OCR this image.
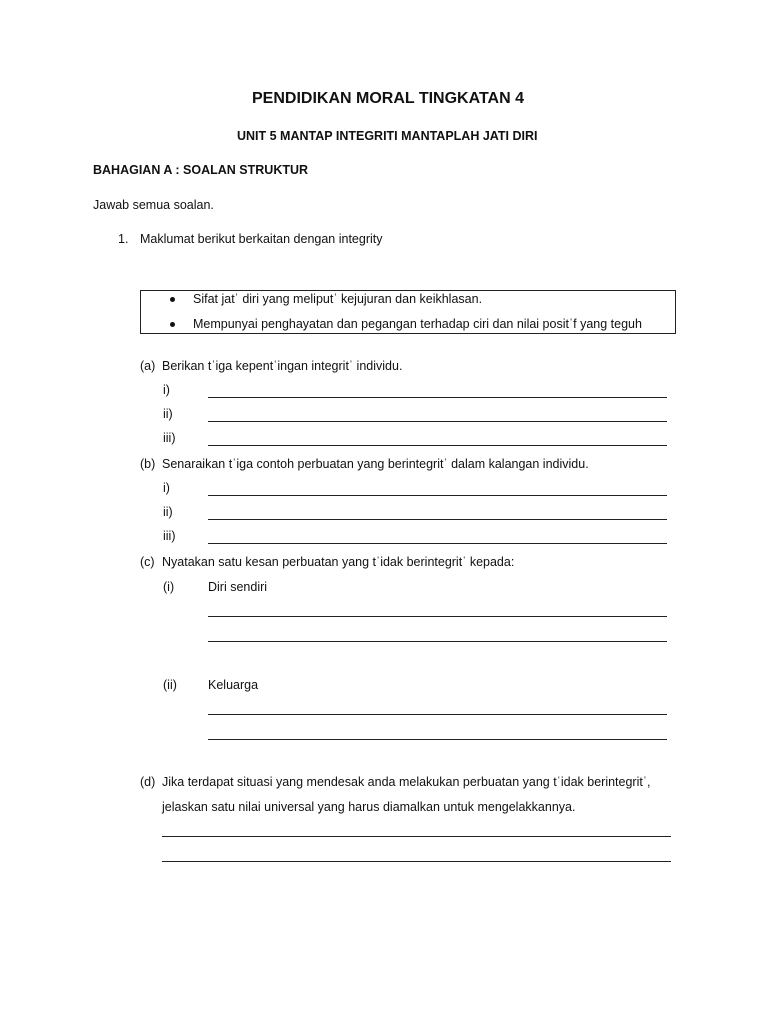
PENDIDIKAN MORAL TINGKATAN 4
UNIT 5 MANTAP INTEGRITI MANTAPLAH JATI DIRI
BAHAGIAN A : SOALAN STRUKTUR
Jawab semua soalan.
1. Maklumat berikut berkaitan dengan integrity
Sifat jatˈ diri yang meliputˈ kejujuran dan keikhlasan.
Mempunyai penghayatan dan pegangan terhadap ciri dan nilai positˈf yang teguh
(a) Berikan tˈiga kepentˈingan integritˈ individu.
i)
ii)
iii)
(b) Senaraikan tˈiga contoh perbuatan yang berintegritˈ dalam kalangan individu.
i)
ii)
iii)
(c) Nyatakan satu kesan perbuatan yang tˈidak berintegritˈ kepada:
(i)	Diri sendiri
(ii) Keluarga
(d) Jika terdapat situasi yang mendesak anda melakukan perbuatan yang tˈidak berintegritˈ,
jelaskan satu nilai universal yang harus diamalkan untuk mengelakkannya.
